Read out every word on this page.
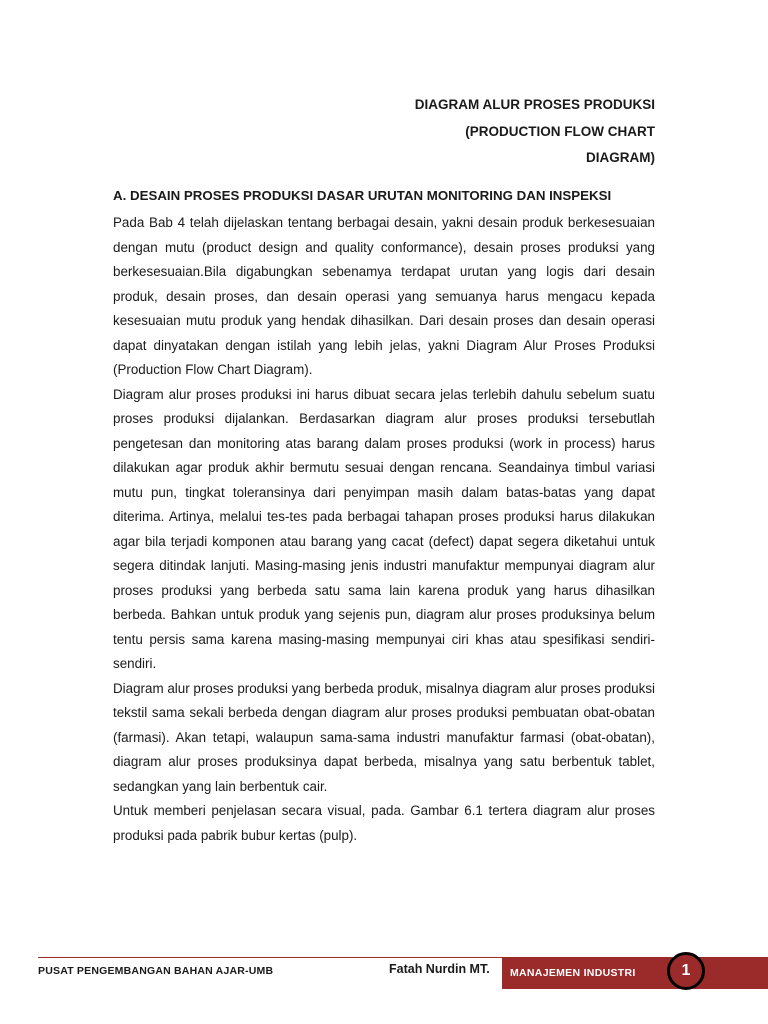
DIAGRAM ALUR PROSES PRODUKSI
(PRODUCTION FLOW CHART
DIAGRAM)
A. DESAIN PROSES PRODUKSI DASAR URUTAN MONITORING DAN INSPEKSI

Pada Bab 4 telah dijelaskan tentang berbagai desain, yakni desain produk berkesesuaian dengan mutu (product design and quality conformance), desain proses produksi yang berkesesuaian.Bila digabungkan sebenamya terdapat urutan yang logis dari desain produk, desain proses, dan desain operasi yang semuanya harus mengacu kepada kesesuaian mutu produk yang hendak dihasilkan. Dari desain proses dan desain operasi dapat dinyatakan dengan istilah yang lebih jelas, yakni Diagram Alur Proses Produksi (Production Flow Chart Diagram).

Diagram alur proses produksi ini harus dibuat secara jelas terlebih dahulu sebelum suatu proses produksi dijalankan. Berdasarkan diagram alur proses produksi tersebutlah pengetesan dan monitoring atas barang dalam proses produksi (work in process) harus dilakukan agar produk akhir bermutu sesuai dengan rencana. Seandainya timbul variasi mutu pun, tingkat toleransinya dari penyimpan masih dalam batas-batas yang dapat diterima. Artinya, melalui tes-tes pada berbagai tahapan proses produksi harus dilakukan agar bila terjadi komponen atau barang yang cacat (defect) dapat segera diketahui untuk segera ditindak lanjuti. Masing-masing jenis industri manufaktur mempunyai diagram alur proses produksi yang berbeda satu sama lain karena produk yang harus dihasilkan berbeda. Bahkan untuk produk yang sejenis pun, diagram alur proses produksinya belum tentu persis sama karena masing-masing mempunyai ciri khas atau spesifikasi sendiri-sendiri.

Diagram alur proses produksi yang berbeda produk, misalnya diagram alur proses produksi tekstil sama sekali berbeda dengan diagram alur proses produksi pembuatan obat-obatan (farmasi). Akan tetapi, walaupun sama-sama industri manufaktur farmasi (obat-obatan), diagram alur proses produksinya dapat berbeda, misalnya yang satu berbentuk tablet, sedangkan yang lain berbentuk cair.

Untuk memberi penjelasan secara visual, pada. Gambar 6.1 tertera diagram alur proses produksi pada pabrik bubur kertas (pulp).

PUSAT PENGEMBANGAN BAHAN AJAR-UMB	Fatah Nurdin MT. MANAJEMEN INDUSTRI	1
